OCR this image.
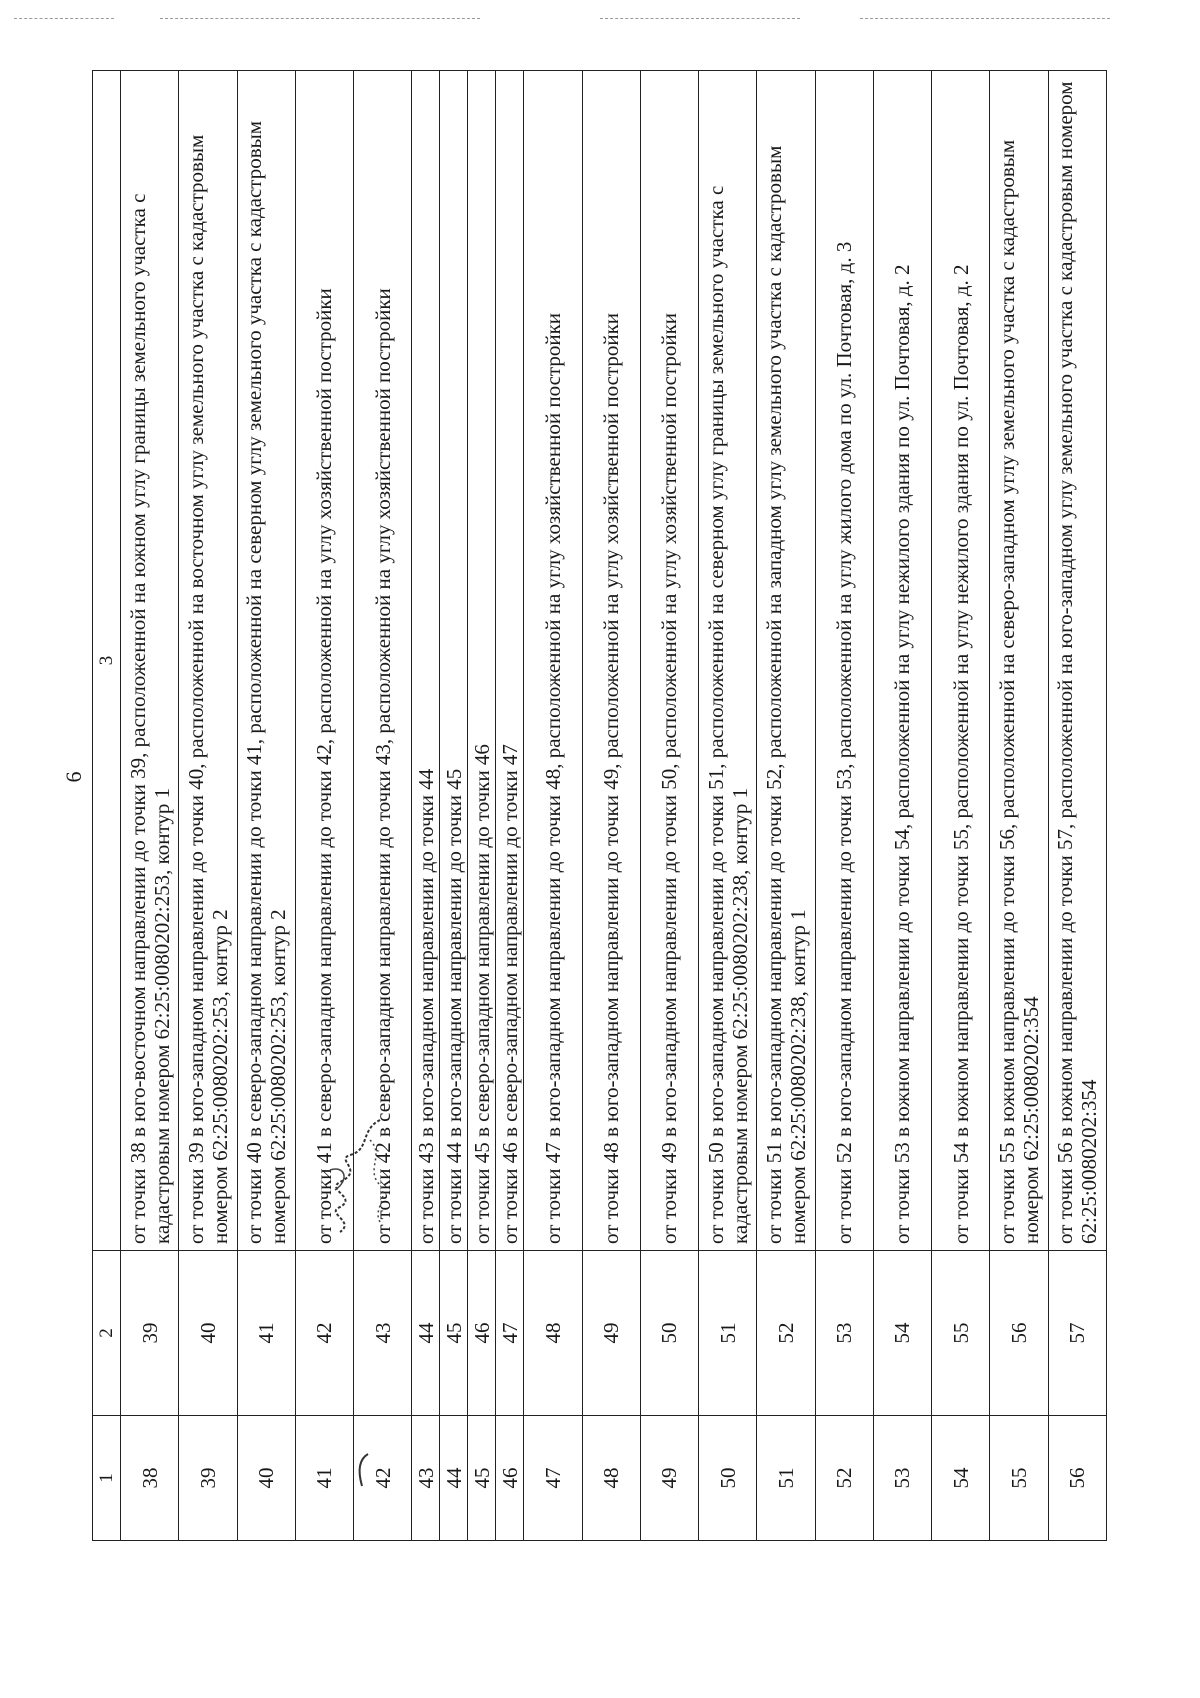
6
1	2	3
38	39	от точки 38 в юго-восточном направлении до точки 39, расположенной на южном углу границы земельного участка с кадастровым номером 62:25:0080202:253, контур 1
39	40	от точки 39 в юго-западном направлении до точки 40, расположенной на восточном углу земельного участка с кадастровым номером 62:25:0080202:253, контур 2
40	41	от точки 40 в северо-западном направлении до точки 41, расположенной на северном углу земельного участка с кадастровым номером 62:25:0080202:253, контур 2
41	42	от точки 41 в северо-западном направлении до точки 42, расположенной на углу хозяйственной постройки
42	43	от точки 42 в северо-западном направлении до точки 43, расположенной на углу хозяйственной постройки
43	44	от точки 43 в юго-западном направлении до точки 44
44	45	от точки 44 в юго-западном направлении до точки 45
45	46	от точки 45 в северо-западном направлении до точки 46
46	47	от точки 46 в северо-западном направлении до точки 47
47	48	от точки 47 в юго-западном направлении до точки 48, расположенной на углу хозяйственной постройки
48	49	от точки 48 в юго-западном направлении до точки 49, расположенной на углу хозяйственной постройки
49	50	от точки 49 в юго-западном направлении до точки 50, расположенной на углу хозяйственной постройки
50	51	от точки 50 в юго-западном направлении до точки 51, расположенной на северном углу границы земельного участка с кадастровым номером 62:25:0080202:238, контур 1
51	52	от точки 51 в юго-западном направлении до точки 52, расположенной на западном углу земельного участка с кадастровым номером 62:25:0080202:238, контур 1
52	53	от точки 52 в юго-западном направлении до точки 53, расположенной на углу жилого дома по ул. Почтовая, д. 3
53	54	от точки 53 в южном направлении до точки 54, расположенной на углу нежилого здания по ул. Почтовая, д. 2
54	55	от точки 54 в южном направлении до точки 55, расположенной на углу нежилого здания по ул. Почтовая, д. 2
55	56	от точки 55 в южном направлении до точки 56, расположенной на северо-западном углу земельного участка с кадастровым номером 62:25:0080202:354
56	57	от точки 56 в южном направлении до точки 57, расположенной на юго-западном углу земельного участка с кадастровым номером 62:25:0080202:354
